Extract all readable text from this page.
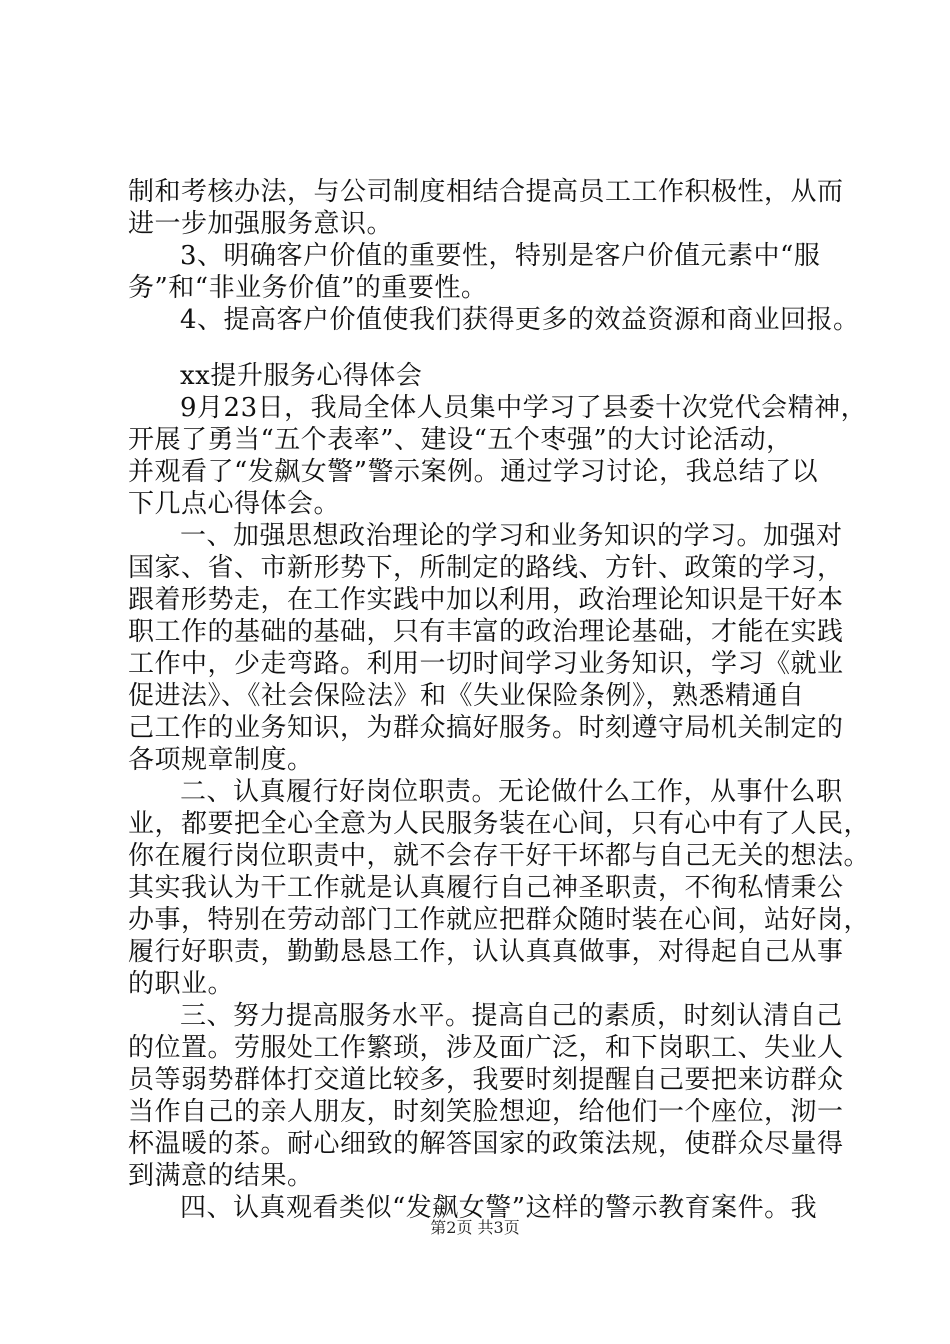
制和考核办法，与公司制度相结合提高员工工作积极性，从而
进一步加强服务意识。
3、明确客户价值的重要性，特别是客户价值元素中“服
务”和“非业务价值”的重要性。
4、提高客户价值使我们获得更多的效益资源和商业回报。
xx提升服务心得体会
9月23日，我局全体人员集中学习了县委十次党代会精神，
开展了勇当“五个表率”、建设“五个枣强”的大讨论活动，
并观看了“发飙女警”警示案例。通过学习讨论，我总结了以
下几点心得体会。
一、加强思想政治理论的学习和业务知识的学习。加强对
国家、省、市新形势下，所制定的路线、方针、政策的学习，
跟着形势走，在工作实践中加以利用，政治理论知识是干好本
职工作的基础的基础，只有丰富的政治理论基础，才能在实践
工作中，少走弯路。利用一切时间学习业务知识，学习《就业
促进法》、《社会保险法》和《失业保险条例》，熟悉精通自
己工作的业务知识，为群众搞好服务。时刻遵守局机关制定的
各项规章制度。
二、认真履行好岗位职责。无论做什么工作，从事什么职
业，都要把全心全意为人民服务装在心间，只有心中有了人民，
你在履行岗位职责中，就不会存干好干坏都与自己无关的想法。
其实我认为干工作就是认真履行自己神圣职责，不徇私情秉公
办事，特别在劳动部门工作就应把群众随时装在心间，站好岗，
履行好职责，勤勤恳恳工作，认认真真做事，对得起自己从事
的职业。
三、努力提高服务水平。提高自己的素质，时刻认清自己
的位置。劳服处工作繁琐，涉及面广泛，和下岗职工、失业人
员等弱势群体打交道比较多，我要时刻提醒自己要把来访群众
当作自己的亲人朋友，时刻笑脸想迎，给他们一个座位，沏一
杯温暖的茶。耐心细致的解答国家的政策法规，使群众尽量得
到满意的结果。
四、认真观看类似“发飙女警”这样的警示教育案件。我
第2页 共3页
